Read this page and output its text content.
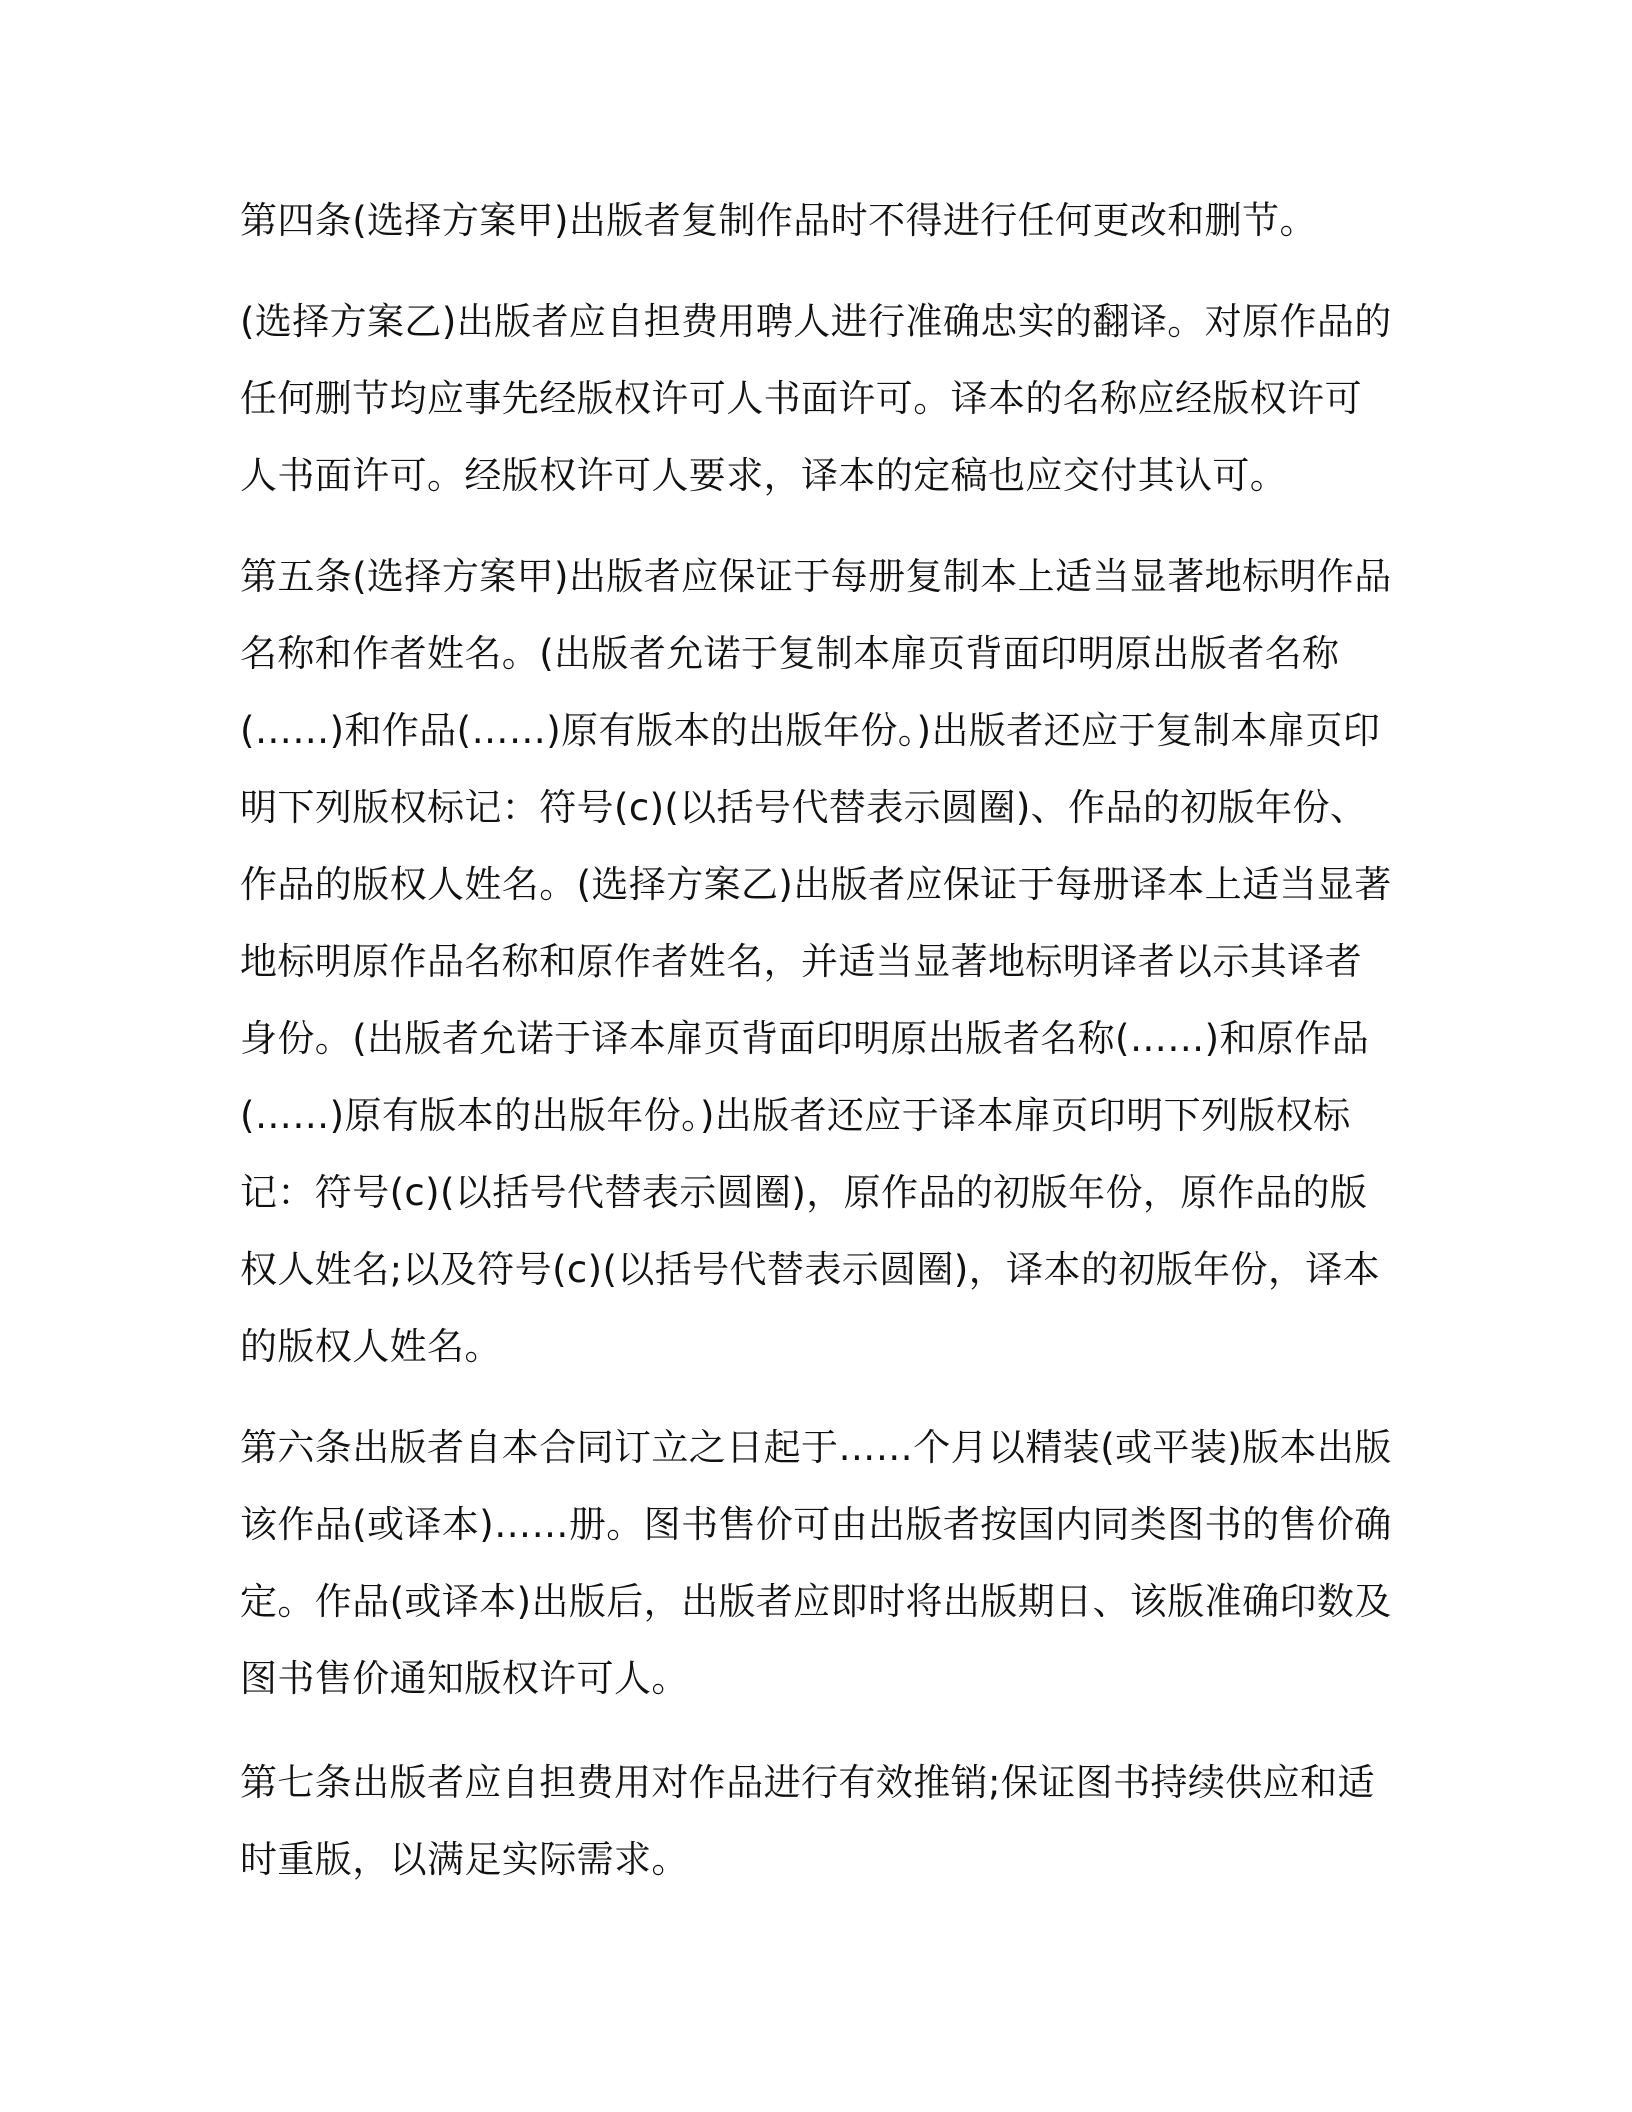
第四条(选择方案甲)出版者复制作品时不得进行任何更改和删节。

(选择方案乙)出版者应自担费用聘人进行准确忠实的翻译。对原作品的
任何删节均应事先经版权许可人书面许可。译本的名称应经版权许可
人书面许可。经版权许可人要求，译本的定稿也应交付其认可。

第五条(选择方案甲)出版者应保证于每册复制本上适当显著地标明作品
名称和作者姓名。(出版者允诺于复制本扉页背面印明原出版者名称
(……)和作品(……)原有版本的出版年份。)出版者还应于复制本扉页印
明下列版权标记：符号(c)(以括号代替表示圆圈)、作品的初版年份、
作品的版权人姓名。(选择方案乙)出版者应保证于每册译本上适当显著
地标明原作品名称和原作者姓名，并适当显著地标明译者以示其译者
身份。(出版者允诺于译本扉页背面印明原出版者名称(……)和原作品
(……)原有版本的出版年份。)出版者还应于译本扉页印明下列版权标
记：符号(c)(以括号代替表示圆圈)，原作品的初版年份，原作品的版
权人姓名;以及符号(c)(以括号代替表示圆圈)，译本的初版年份，译本
的版权人姓名。

第六条出版者自本合同订立之日起于……个月以精装(或平装)版本出版
该作品(或译本)……册。图书售价可由出版者按国内同类图书的售价确
定。作品(或译本)出版后，出版者应即时将出版期日、该版准确印数及
图书售价通知版权许可人。

第七条出版者应自担费用对作品进行有效推销;保证图书持续供应和适
时重版，以满足实际需求。
